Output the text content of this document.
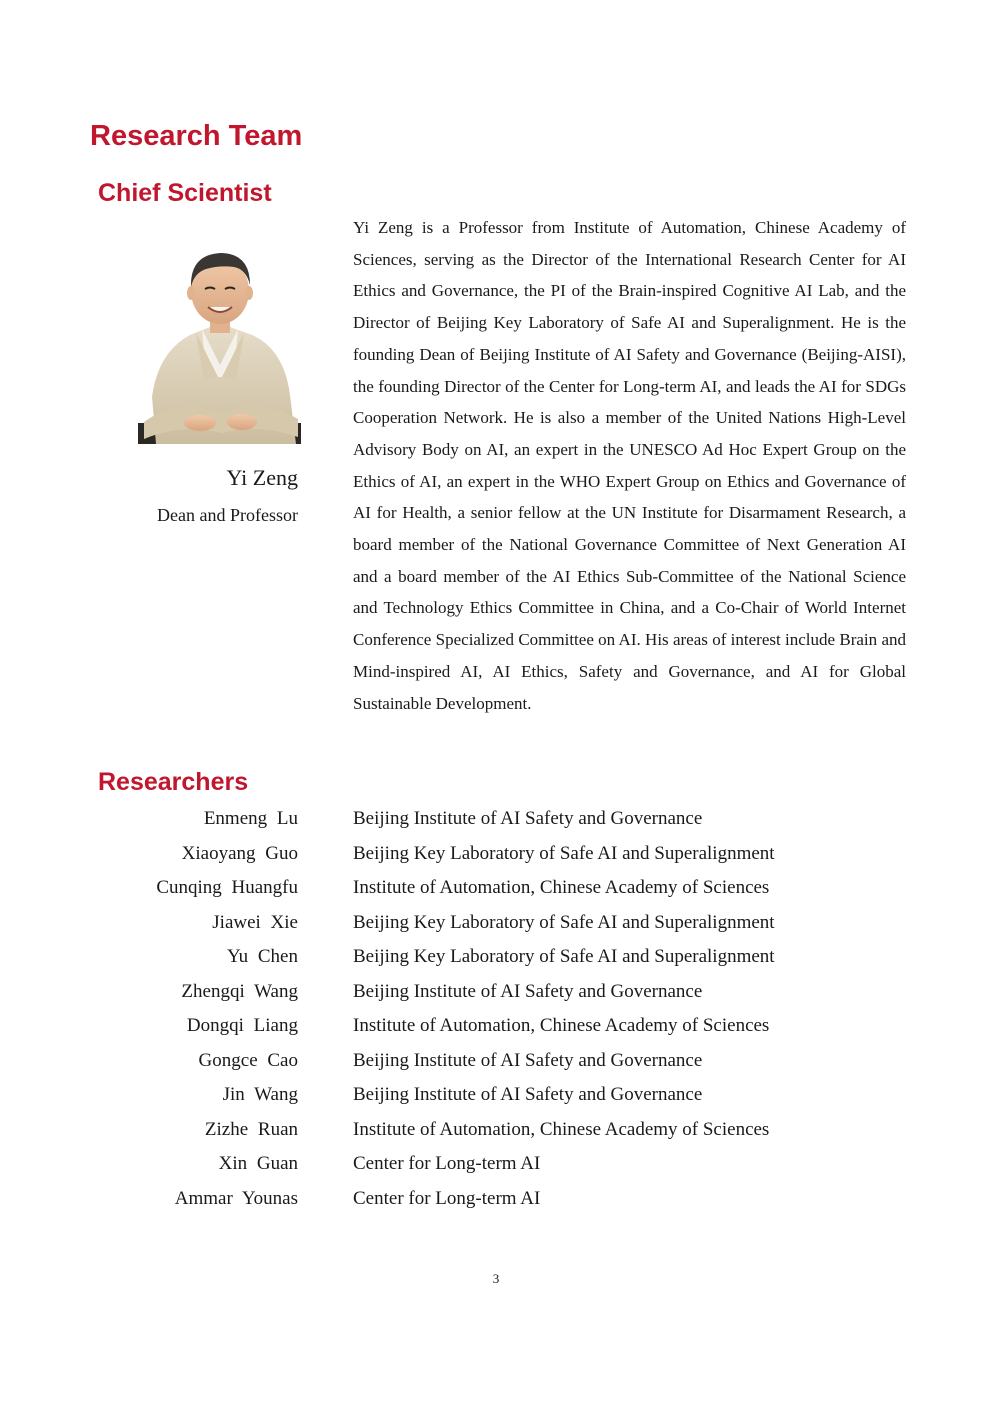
Research Team
Chief Scientist
Yi Zeng
Dean and Professor

Yi Zeng is a Professor from Institute of Automation, Chinese Academy of Sciences, serving as the Director of the International Research Center for AI Ethics and Governance, the PI of the Brain-inspired Cognitive AI Lab, and the Director of Beijing Key Laboratory of Safe AI and Superalignment. He is the founding Dean of Beijing Institute of AI Safety and Governance (Beijing-AISI), the founding Director of the Center for Long-term AI, and leads the AI for SDGs Cooperation Network. He is also a member of the United Nations High-Level Advisory Body on AI, an expert in the UNESCO Ad Hoc Expert Group on the Ethics of AI, an expert in the WHO Expert Group on Ethics and Governance of AI for Health, a senior fellow at the UN Institute for Disarmament Research, a board member of the National Governance Committee of Next Generation AI and a board member of the AI Ethics Sub-Committee of the National Science and Technology Ethics Committee in China, and a Co-Chair of World Internet Conference Specialized Committee on AI. His areas of interest include Brain and Mind-inspired AI, AI Ethics, Safety and Governance, and AI for Global Sustainable Development.

Researchers
Enmeng Lu	Beijing Institute of AI Safety and Governance
Xiaoyang Guo	Beijing Key Laboratory of Safe AI and Superalignment
Cunqing Huangfu	Institute of Automation, Chinese Academy of Sciences
Jiawei Xie	Beijing Key Laboratory of Safe AI and Superalignment
Yu Chen	Beijing Key Laboratory of Safe AI and Superalignment
Zhengqi Wang	Beijing Institute of AI Safety and Governance
Dongqi Liang	Institute of Automation, Chinese Academy of Sciences
Gongce Cao	Beijing Institute of AI Safety and Governance
Jin Wang	Beijing Institute of AI Safety and Governance
Zizhe Ruan	Institute of Automation, Chinese Academy of Sciences
Xin Guan	Center for Long-term AI
Ammar Younas	Center for Long-term AI
3
